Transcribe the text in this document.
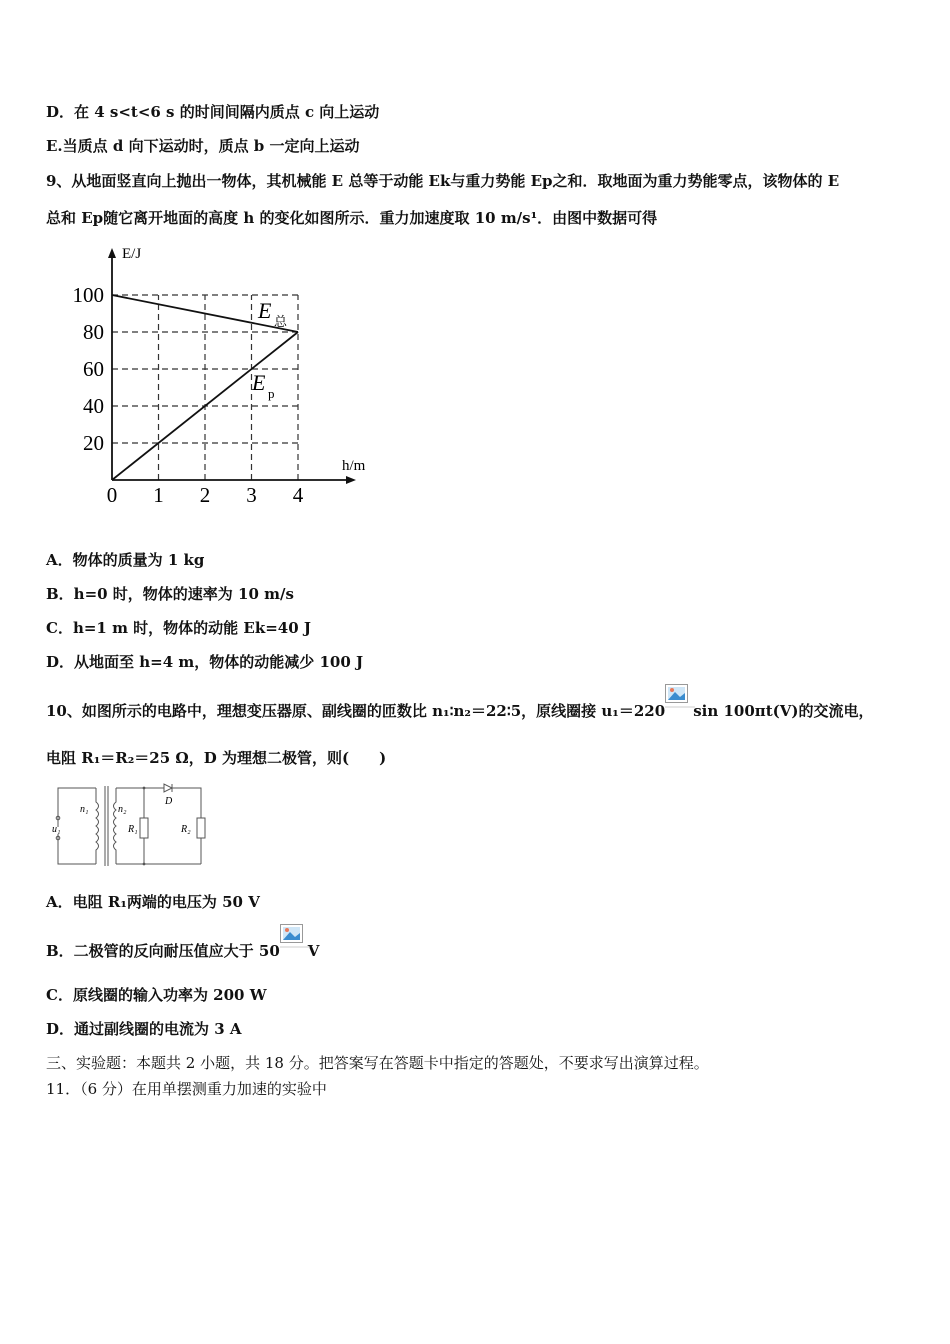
D．在 4 s<t<6 s 的时间间隔内质点 c 向上运动
E.当质点 d 向下运动时，质点 b 一定向上运动
9、从地面竖直向上抛出一物体，其机械能 E 总等于动能 Ek与重力势能 Ep之和．取地面为重力势能零点，该物体的 E
总和 Ep随它离开地面的高度 h 的变化如图所示．重力加速度取 10 m/s¹．由图中数据可得
0 1 2 3 4
20
40
60
80
100
E/J
h/m
E 总
E p
A．物体的质量为 1 kg
B．h=0 时，物体的速率为 10 m/s
C．h=1 m 时，物体的动能 Ek=40 J
D．从地面至 h=4 m，物体的动能减少 100 J
10、如图所示的电路中，理想变压器原、副线圈的匝数比 n₁∶n₂＝22∶5，原线圈接 u₁＝220 sin 100πt(V)的交流电，
电阻 R₁＝R₂＝25 Ω，D 为理想二极管，则(　　)
u₁
n₁	n₂
R₁
D
R₂
A．电阻 R₁两端的电压为 50 V
B．二极管的反向耐压值应大于 50 V
C．原线圈的输入功率为 200 W
D．通过副线圈的电流为 3 A
三、实验题：本题共 2 小题，共 18 分。把答案写在答题卡中指定的答题处，不要求写出演算过程。
11．（6 分）在用单摆测重力加速的实验中
